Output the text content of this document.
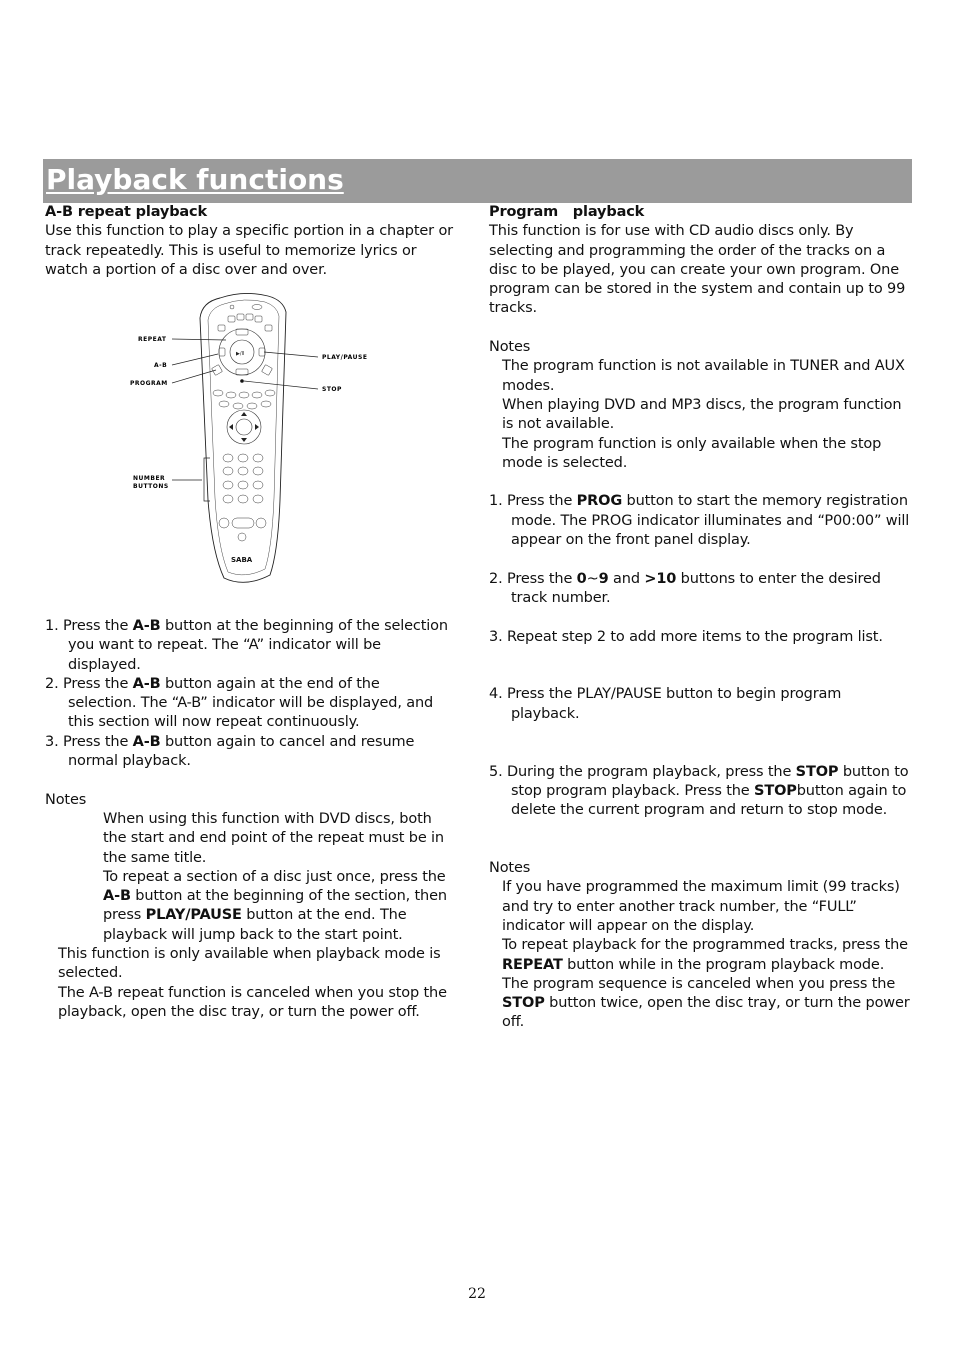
Playback functions

A-B repeat playback

Use this function to play a specific portion in a chapter or track repeatedly. This is useful to memorize lyrics or watch a portion of a disc over and over.

▶/II
SABA
REPEAT
A-B
PROGRAM
PLAY/PAUSE
STOP
NUMBER
BUTTONS

1. Press the A-B button at the beginning of the selection you want to repeat. The “A” indicator will be displayed.

2. Press the A-B button again at the end of the selection. The “A-B” indicator will be displayed, and this section will now repeat continuously.

3. Press the A-B button again to cancel and resume normal playback.

Notes

When using this function with DVD discs, both the start and end point of the repeat must be in the same title.

To repeat a section of a disc just once, press the A-B button at the beginning of the section, then press PLAY/PAUSE button at the end. The playback will jump back to the start point.

This function is only available when playback mode is selected.

The A-B repeat function is canceled when you stop the playback, open the disc tray, or turn the power off.

Program   playback

This function is for use with CD audio discs only. By selecting and programming the order of the tracks on a disc to be played, you can create your own program. One program can be stored in the system and contain up to 99 tracks.

Notes

The program function is not available in TUNER and AUX modes.

When playing DVD and MP3 discs, the program function is not available.

The program function is only available when the stop mode is selected.

1. Press the PROG button to start the memory registration mode. The PROG indicator illuminates and “P00:00” will appear on the front panel display.

2. Press the 0~9 and >10 buttons to enter the desired track number.

3. Repeat step 2 to add more items to the program list.

4. Press the PLAY/PAUSE button to begin program playback.

5. During the program playback, press the STOP button to stop program playback. Press the STOPbutton again to delete the current program and return to stop mode.

Notes

If you have programmed the maximum limit (99 tracks) and try to enter another track number, the “FULL” indicator will appear on the display.

To repeat playback for the programmed tracks, press the REPEAT button while in the program playback mode.

The program sequence is canceled when you press the STOP button twice, open the disc tray, or turn the power off.

22
